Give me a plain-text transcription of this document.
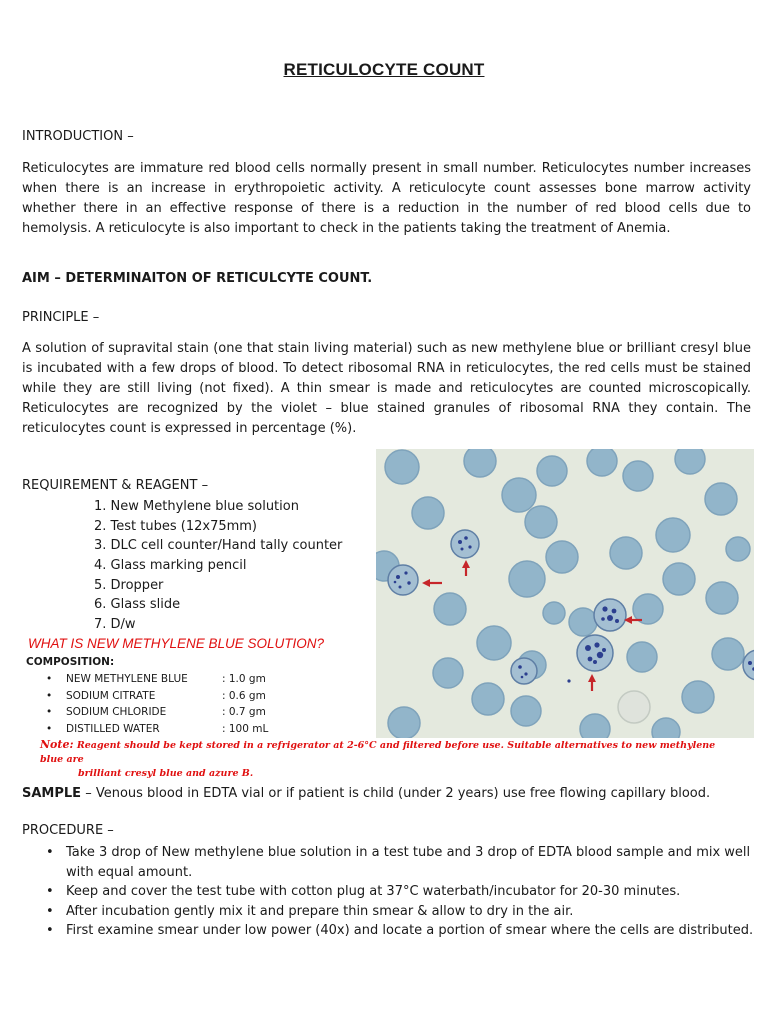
RETICULOCYTE COUNT
INTRODUCTION –

Reticulocytes are immature red blood cells normally present in small number. Reticulocytes number increases when there is an increase in erythropoietic activity. A reticulocyte count assesses bone marrow activity whether there in an effective response of there is a reduction in the number of red blood cells due to hemolysis. A reticulocyte is also important to check in the patients taking the treatment of Anemia.

AIM – DETERMINAITON OF RETICULCYTE COUNT.
PRINCIPLE –

A solution of supravital stain (one that stain living material) such as new methylene blue or brilliant cresyl blue is incubated with a few drops of blood. To detect ribosomal RNA in reticulocytes, the red cells must be stained while they are still living (not fixed). A thin smear is made and reticulocytes are counted microscopically. Reticulocytes are recognized by the violet – blue stained granules of ribosomal RNA they contain. The reticulocytes count is expressed in percentage (%).

REQUIREMENT & REAGENT –
1. New Methylene blue solution
2. Test tubes (12x75mm)
3. DLC cell counter/Hand tally counter
4. Glass marking pencil
5. Dropper
6. Glass slide
7. D/w
WHAT IS NEW METHYLENE BLUE SOLUTION?
COMPOSITION:
• NEW METHYLENE BLUE	: 1.0 gm
• SODIUM CITRATE	: 0.6 gm
• SODIUM CHLORIDE	: 0.7 gm
• DISTILLED WATER	: 100 mL
Note: Reagent should be kept stored in a refrigerator at 2-6°C and filtered before use. Suitable alternatives to new methylene blue are
brilliant cresyl blue and azure B.
SAMPLE – Venous blood in EDTA vial or if patient is child (under 2 years) use free flowing capillary blood.
PROCEDURE –
• Take 3 drop of New methylene blue solution in a test tube and 3 drop of EDTA blood sample and mix well with equal amount.
• Keep and cover the test tube with cotton plug at 37°C waterbath/incubator for 20-30 minutes.
• After incubation gently mix it and prepare thin smear & allow to dry in the air.
• First examine smear under low power (40x) and locate a portion of smear where the cells are distributed.
